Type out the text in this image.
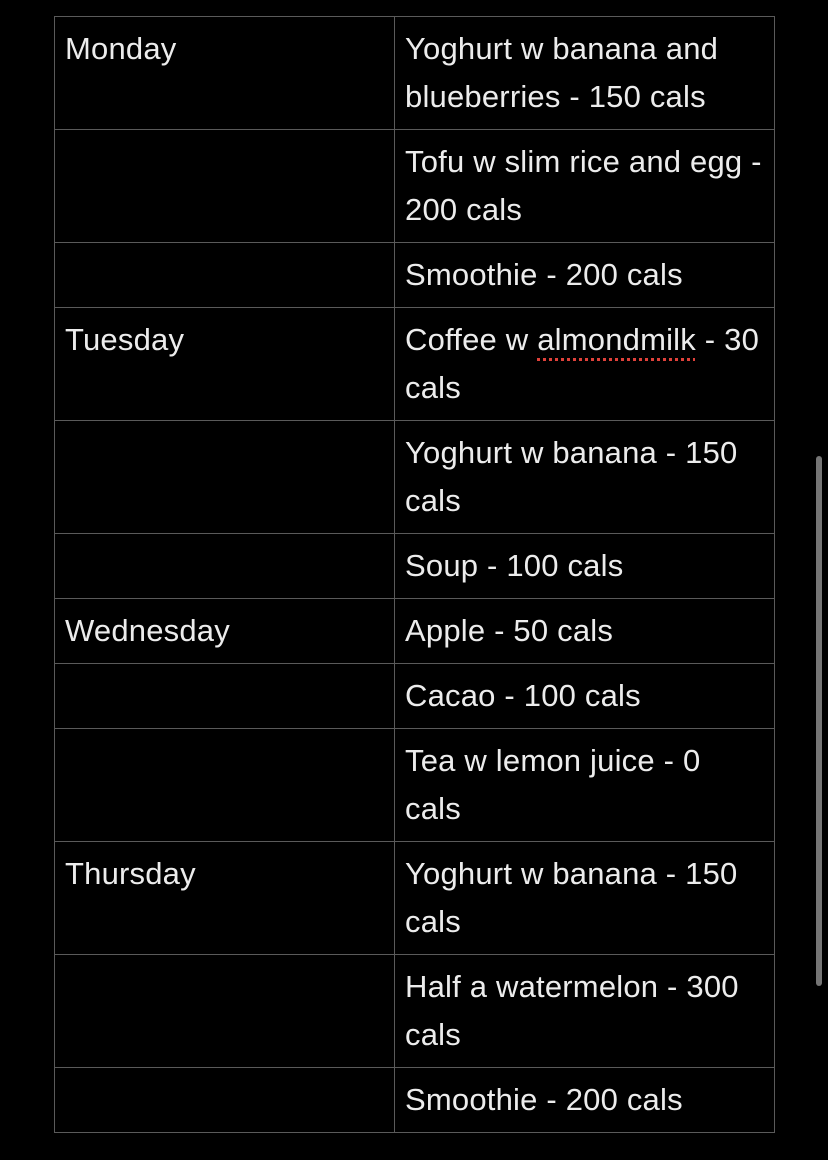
Monday	Yoghurt w banana and blueberries - 150 cals
	Tofu w slim rice and egg - 200 cals
	Smoothie - 200 cals
Tuesday	Coffee w almondmilk - 30 cals
	Yoghurt w banana - 150 cals
	Soup - 100 cals
Wednesday	Apple - 50 cals
	Cacao - 100 cals
	Tea w lemon juice - 0 cals
Thursday	Yoghurt w banana - 150 cals
	Half a watermelon - 300 cals
	Smoothie - 200 cals
